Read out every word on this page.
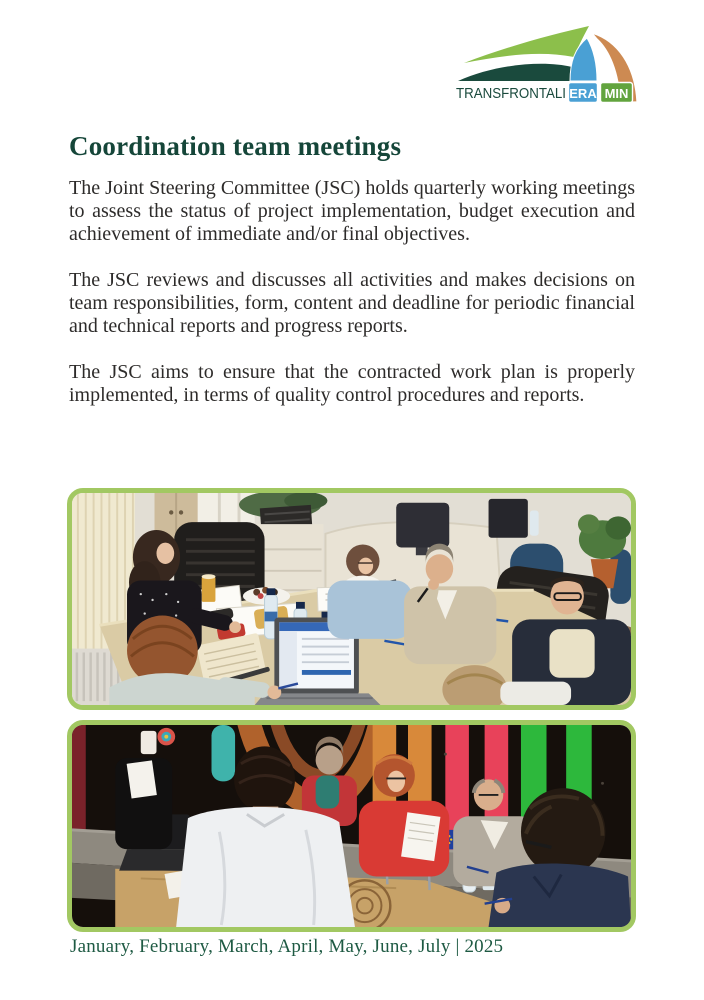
TRANSFRONTALI ERA MIN
Coordination team meetings

The Joint Steering Committee (JSC) holds quarterly working meetings to assess the status of project implementation, budget execution and achievement of immediate and/or final objectives.

The JSC reviews and discusses all activities and makes decisions on team responsibilities, form, content and deadline for periodic financial and technical reports and progress reports.

The JSC aims to ensure that the contracted work plan is properly implemented, in terms of quality control procedures and reports.

January, February, March, April, May, June, July | 2025
